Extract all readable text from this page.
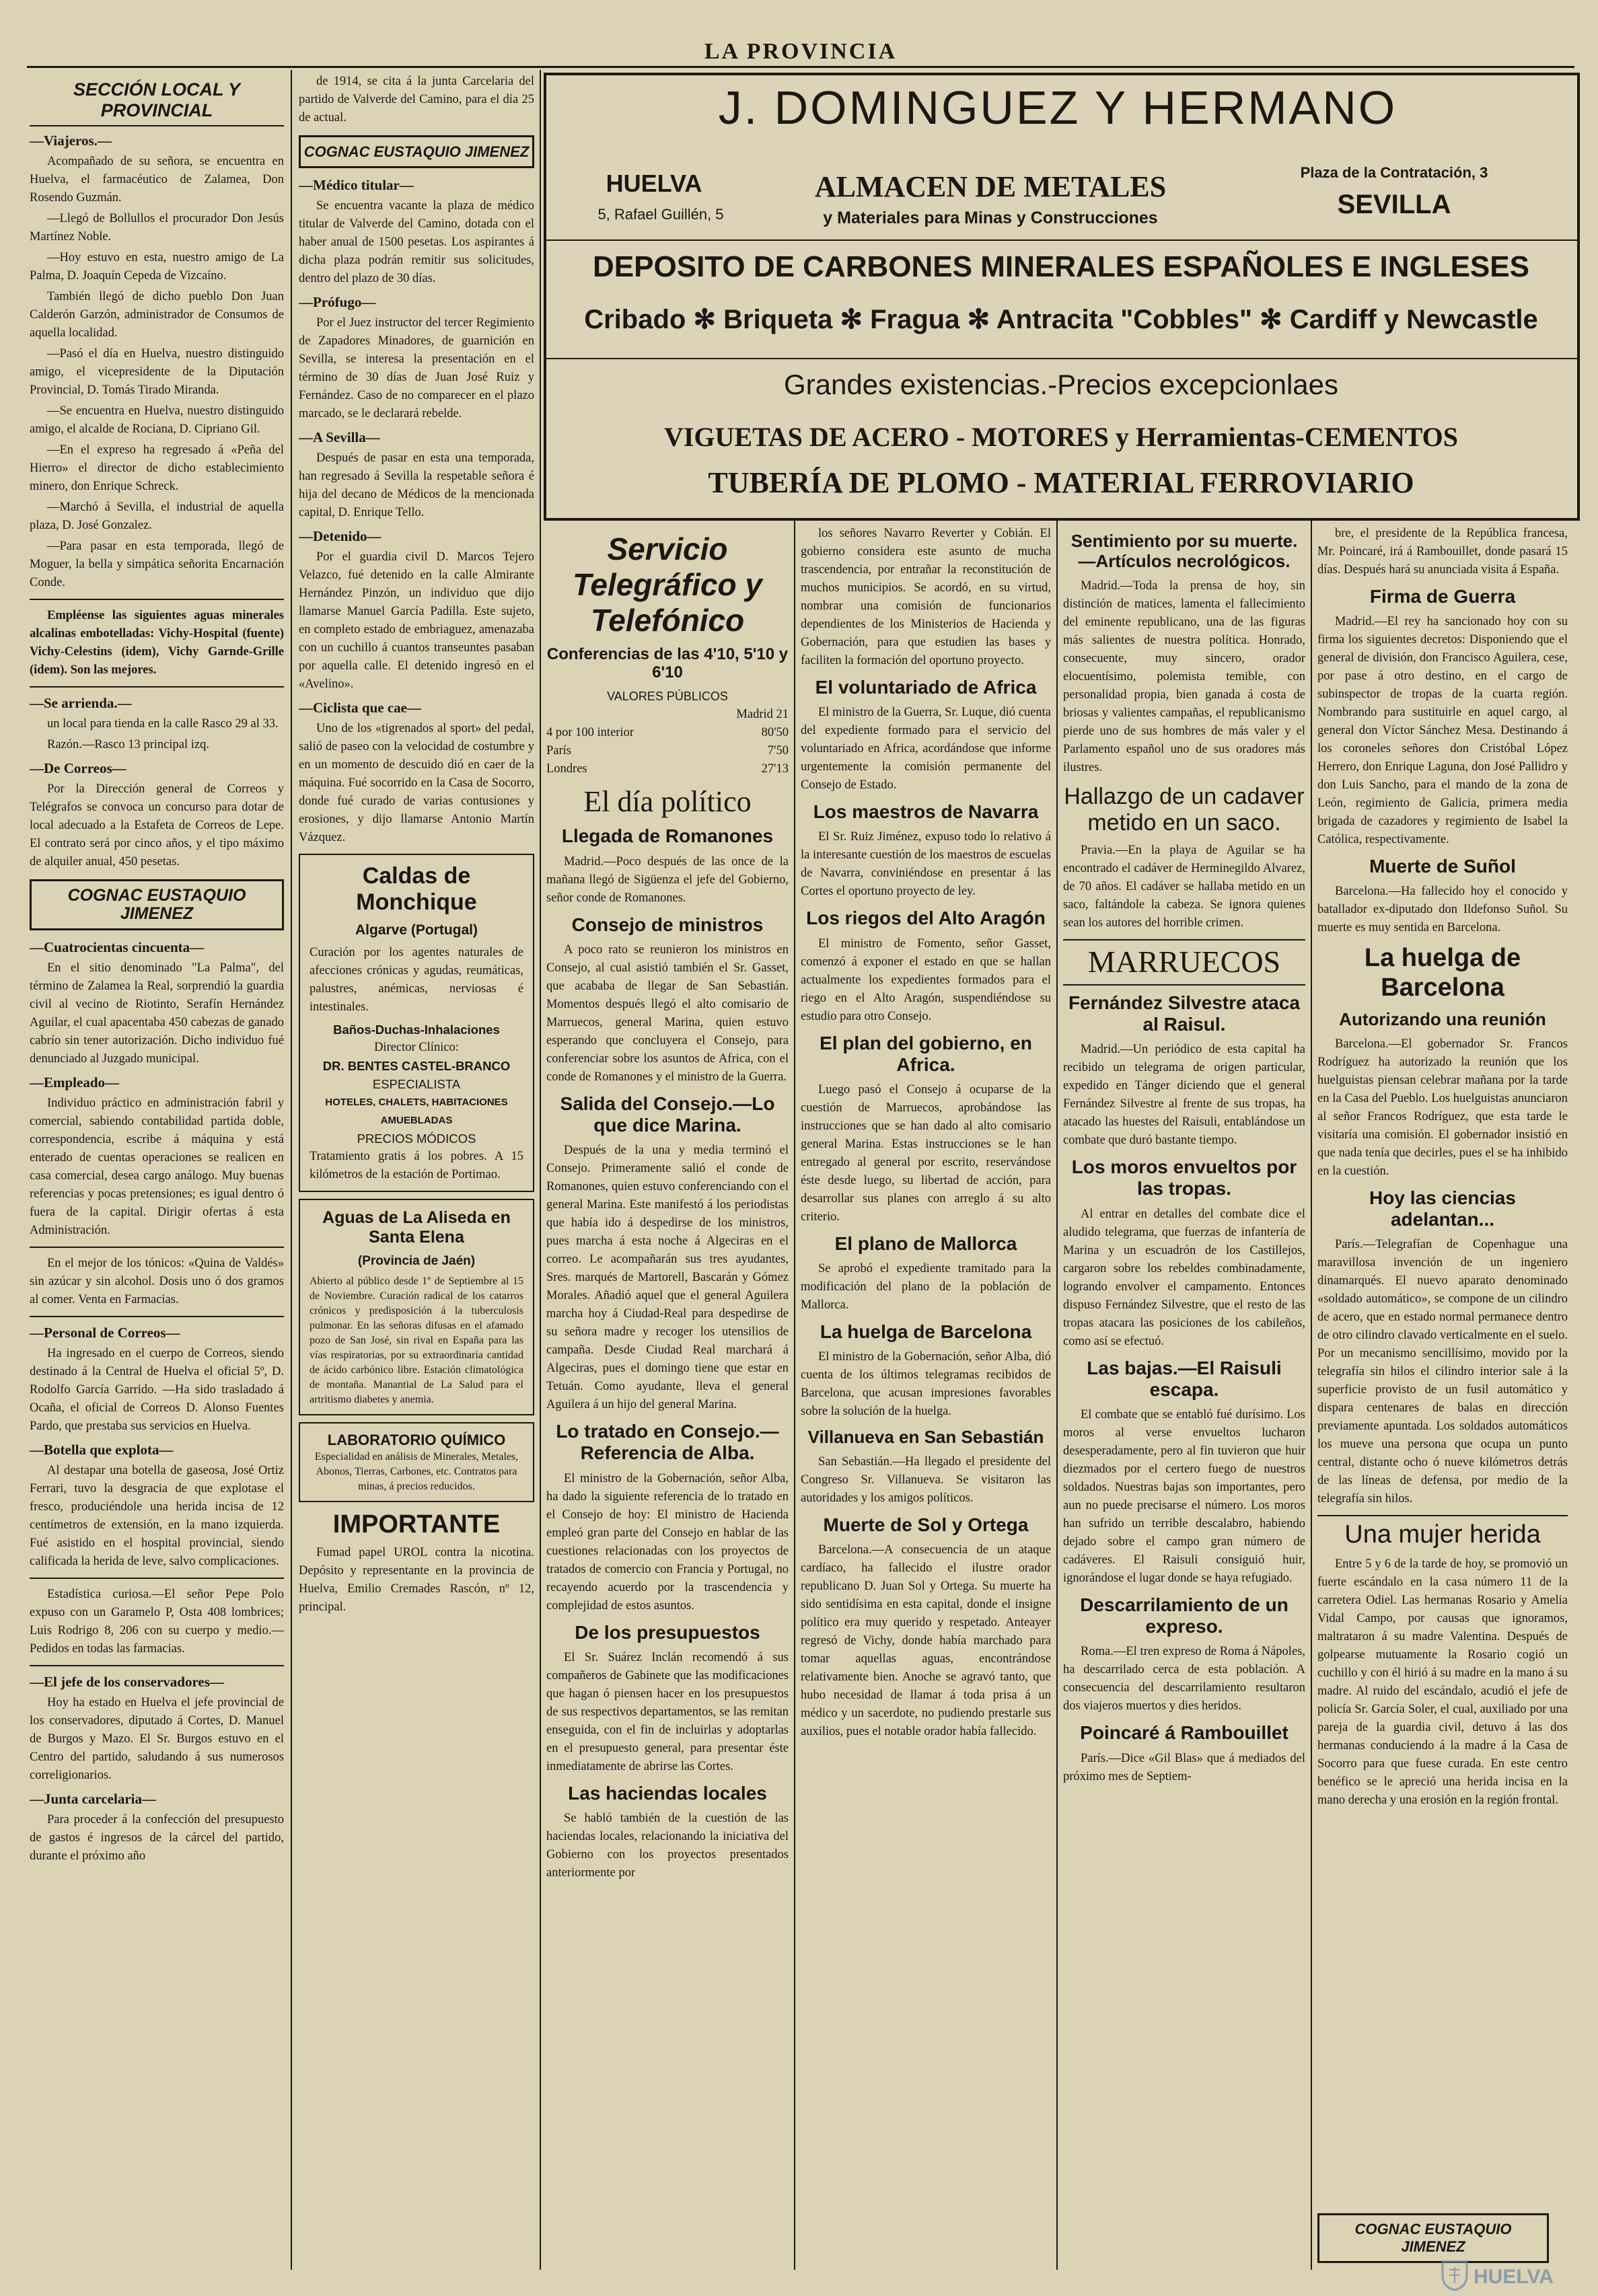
LA PROVINCIA
SECCIÓN LOCAL Y PROVINCIAL
—Viajeros.—

Acompañado de su señora, se encuentra en Huelva, el farmacéutico de Zalamea, Don Rosendo Guzmán.

—Llegó de Bollullos el procurador Don Jesús Martínez Noble.

—Hoy estuvo en esta, nuestro amigo de La Palma, D. Joaquín Cepeda de Vizcaíno.

También llegó de dicho pueblo Don Juan Calderón Garzón, administrador de Consumos de aquella localidad.

—Pasó el día en Huelva, nuestro distinguido amigo, el vicepresidente de la Diputación Provincial, D. Tomás Tirado Miranda.

—Se encuentra en Huelva, nuestro distinguido amigo, el alcalde de Rociana, D. Cipriano Gil.

—En el expreso ha regresado á «Peña del Hierro» el director de dicho establecimiento minero, don Enrique Schreck.

—Marchó á Sevilla, el industrial de aquella plaza, D. José Gonzalez.

—Para pasar en esta temporada, llegó de Moguer, la bella y simpática señorita Encarnación Conde.

Empléense las siguientes aguas minerales alcalinas embotelladas: Vichy-Hospital (fuente) Vichy-Celestins (idem), Vichy Garnde-Grille (idem). Son las mejores.

—Se arrienda.—

un local para tienda en la calle Rasco 29 al 33.

Razón.—Rasco 13 principal izq.

—De Correos—

Por la Dirección general de Correos y Telégrafos se convoca un concurso para dotar de local adecuado a la Estafeta de Correos de Lepe. El contrato será por cinco años, y el tipo máximo de alquiler anual, 450 pesetas.

COGNAC EUSTAQUIO JIMENEZ
—Cuatrocientas cincuenta—

En el sitio denominado "La Palma", del término de Zalamea la Real, sorprendió la guardia civil al vecino de Riotinto, Serafín Hernández Aguilar, el cual apacentaba 450 cabezas de ganado cabrío sin tener autorización. Dicho individuo fué denunciado al Juzgado municipal.

—Empleado—

Individuo práctico en administración fabril y comercial, sabiendo contabilidad partida doble, correspondencia, escribe á máquina y está enterado de cuentas operaciones se realicen en casa comercial, desea cargo análogo. Muy buenas referencias y pocas pretensiones; es igual dentro ó fuera de la capital. Dirigir ofertas á esta Administración.

En el mejor de los tónicos: «Quina de Valdés» sin azúcar y sin alcohol. Dosis uno ó dos gramos al comer. Venta en Farmacias.

—Personal de Correos—

Ha ingresado en el cuerpo de Correos, siendo destinado á la Central de Huelva el oficial 5º, D. Rodolfo García Garrido. —Ha sido trasladado á Ocaña, el oficial de Correos D. Alonso Fuentes Pardo, que prestaba sus servicios en Huelva.

—Botella que explota—

Al destapar una botella de gaseosa, José Ortiz Ferrari, tuvo la desgracia de que explotase el fresco, produciéndole una herida incisa de 12 centímetros de extensión, en la mano izquierda. Fué asistido en el hospital provincial, siendo calificada la herida de leve, salvo complicaciones.

Estadística curiosa.—El señor Pepe Polo expuso con un Garamelo P, Osta 408 lombrices; Luis Rodrigo 8, 206 con su cuerpo y medio.—Pedidos en todas las farmacias.

—El jefe de los conservadores—

Hoy ha estado en Huelva el jefe provincial de los conservadores, diputado á Cortes, D. Manuel de Burgos y Mazo. El Sr. Burgos estuvo en el Centro del partido, saludando á sus numerosos correligionarios.

—Junta carcelaria—

Para proceder á la confección del presupuesto de gastos é ingresos de la cárcel del partido, durante el próximo año

de 1914, se cita á la junta Carcelaria del partido de Valverde del Camino, para el día 25 de actual.

COGNAC EUSTAQUIO JIMENEZ
—Médico titular—

Se encuentra vacante la plaza de médico titular de Valverde del Camino, dotada con el haber anual de 1500 pesetas. Los aspirantes á dicha plaza podrán remitir sus solicitudes, dentro del plazo de 30 días.

—Prófugo—

Por el Juez instructor del tercer Regimiento de Zapadores Minadores, de guarnición en Sevilla, se interesa la presentación en el término de 30 días de Juan José Ruiz y Fernández. Caso de no comparecer en el plazo marcado, se le declarará rebelde.

—A Sevilla—

Después de pasar en esta una temporada, han regresado á Sevilla la respetable señora é hija del decano de Médicos de la mencionada capital, D. Enrique Tello.

—Detenido—

Por el guardia civil D. Marcos Tejero Velazco, fué detenido en la calle Almirante Hernández Pinzón, un individuo que dijo llamarse Manuel García Padilla. Este sujeto, en completo estado de embriaguez, amenazaba con un cuchillo á cuantos transeuntes pasaban por aquella calle. El detenido ingresó en el «Avelino».

—Ciclista que cae—

Uno de los «tigrenados al sport» del pedal, salió de paseo con la velocidad de costumbre y en un momento de descuido dió en caer de la máquina. Fué socorrido en la Casa de Socorro, donde fué curado de varias contusiones y erosiones, y dijo llamarse Antonio Martín Vázquez.

Caldas de Monchique
Algarve (Portugal)
Curación por los agentes naturales de afecciones crónicas y agudas, reumáticas, palustres, anémicas, nerviosas é intestinales.
Baños-Duchas-Inhalaciones
Director Clínico:
DR. BENTES CASTEL-BRANCO
ESPECIALISTA
HOTELES, CHALETS, HABITACIONES AMUEBLADAS
PRECIOS MÓDICOS
Tratamiento gratis á los pobres. A 15 kilómetros de la estación de Portimao.
Aguas de La Aliseda en Santa Elena
(Provincia de Jaén)
Abierto al público desde 1º de Septiembre al 15 de Noviembre. Curación radical de los catarros crónicos y predisposición á la tuberculosis pulmonar. En las señoras difusas en el afamado pozo de San José, sin rival en España para las vías respiratorias, por su extraordinaria cantidad de ácido carbónico libre. Estación climatológica de montaña. Manantial de La Salud para el artritismo diabetes y anemia.
LABORATORIO QUÍMICO
Especialidad en análisis de Minerales, Metales, Abonos, Tierras, Carbones, etc. Contratos para minas, á precios reducidos.
IMPORTANTE

Fumad papel UROL contra la nicotina. Depósito y representante en la provincia de Huelva, Emilio Cremades Rascón, nº 12, principal.

J. DOMINGUEZ Y HERMANO
HUELVA
5, Rafael Guillén, 5
ALMACEN DE METALES
y Materiales para Minas y Construcciones
Plaza de la Contratación, 3
SEVILLA
DEPOSITO DE CARBONES MINERALES ESPAÑOLES E INGLESES
Cribado ✻ Briqueta ✻ Fragua ✻ Antracita "Cobbles" ✻ Cardiff y Newcastle
Grandes existencias.-Precios excepcionlaes
VIGUETAS DE ACERO - MOTORES y Herramientas-CEMENTOS
TUBERÍA DE PLOMO - MATERIAL FERROVIARIO
Servicio Telegráfico y Telefónico
Conferencias de las 4'10, 5'10 y 6'10
VALORES PÚBLICOS
Madrid 21
4 por 100 interior	80'50
París	7'50
Londres	27'13
El día político
Llegada de Romanones

Madrid.—Poco después de las once de la mañana llegó de Sigüenza el jefe del Gobierno, señor conde de Romanones.

Consejo de ministros

A poco rato se reunieron los ministros en Consejo, al cual asistió también el Sr. Gasset, que acababa de llegar de San Sebastián. Momentos después llegó el alto comisario de Marruecos, general Marina, quien estuvo esperando que concluyera el Consejo, para conferenciar sobre los asuntos de Africa, con el conde de Romanones y el ministro de la Guerra.

Salida del Consejo.—Lo que dice Marina.

Después de la una y media terminó el Consejo. Primeramente salió el conde de Romanones, quien estuvo conferenciando con el general Marina. Este manifestó á los periodistas que había ido á despedirse de los ministros, pues marcha á esta noche á Algeciras en el correo. Le acompañarán sus tres ayudantes, Sres. marqués de Martorell, Bascarán y Gómez Morales. Añadió aquel que el general Aguilera marcha hoy á Ciudad-Real para despedirse de su señora madre y recoger los utensilios de campaña. Desde Ciudad Real marchará á Algeciras, pues el domingo tiene que estar en Tetuán. Como ayudante, lleva el general Aguilera á un hijo del general Marina.

Lo tratado en Consejo.—Referencia de Alba.

El ministro de la Gobernación, señor Alba, ha dado la siguiente referencia de lo tratado en el Consejo de hoy: El ministro de Hacienda empleó gran parte del Consejo en hablar de las cuestiones relacionadas con los proyectos de tratados de comercio con Francia y Portugal, no recayendo acuerdo por la trascendencia y complejidad de estos asuntos.

De los presupuestos

El Sr. Suárez Inclán recomendó á sus compañeros de Gabinete que las modificaciones que hagan ó piensen hacer en los presupuestos de sus respectivos departamentos, se las remitan enseguida, con el fin de incluirlas y adoptarlas en el presupuesto general, para presentar éste inmediatamente de abrirse las Cortes.

Las haciendas locales

Se habló también de la cuestión de las haciendas locales, relacionando la iniciativa del Gobierno con los proyectos presentados anteriormente por

los señores Navarro Reverter y Cobián. El gobierno considera este asunto de mucha trascendencia, por entrañar la reconstitución de muchos municipios. Se acordó, en su virtud, nombrar una comisión de funcionarios dependientes de los Ministerios de Hacienda y Gobernación, para que estudien las bases y faciliten la formación del oportuno proyecto.

El voluntariado de Africa

El ministro de la Guerra, Sr. Luque, dió cuenta del expediente formado para el servicio del voluntariado en Africa, acordándose que informe urgentemente la comisión permanente del Consejo de Estado.

Los maestros de Navarra

El Sr. Ruiz Jiménez, expuso todo lo relativo á la interesante cuestión de los maestros de escuelas de Navarra, conviniéndose en presentar á las Cortes el oportuno proyecto de ley.

Los riegos del Alto Aragón

El ministro de Fomento, señor Gasset, comenzó á exponer el estado en que se hallan actualmente los expedientes formados para el riego en el Alto Aragón, suspendiéndose su estudio para otro Consejo.

El plan del gobierno, en Africa.

Luego pasó el Consejo á ocuparse de la cuestión de Marruecos, aprobándose las instrucciones que se han dado al alto comisario general Marina. Estas instrucciones se le han entregado al general por escrito, reservándose éste desde luego, su libertad de acción, para desarrollar sus planes con arreglo á su alto criterio.

El plano de Mallorca

Se aprobó el expediente tramitado para la modificación del plano de la población de Mallorca.

La huelga de Barcelona

El ministro de la Gobernación, señor Alba, dió cuenta de los últimos telegramas recibidos de Barcelona, que acusan impresiones favorables sobre la solución de la huelga.

Villanueva en San Sebastián

San Sebastián.—Ha llegado el presidente del Congreso Sr. Villanueva. Se visitaron las autoridades y los amigos políticos.

Muerte de Sol y Ortega

Barcelona.—A consecuencia de un ataque cardíaco, ha fallecido el ilustre orador republicano D. Juan Sol y Ortega. Su muerte ha sido sentidísima en esta capital, donde el insigne político era muy querido y respetado. Anteayer regresó de Vichy, donde había marchado para tomar aquellas aguas, encontrándose relativamente bien. Anoche se agravó tanto, que hubo necesidad de llamar á toda prisa á un médico y un sacerdote, no pudiendo prestarle sus auxilios, pues el notable orador había fallecido.

Sentimiento por su muerte.—Artículos necrológicos.

Madrid.—Toda la prensa de hoy, sin distinción de matices, lamenta el fallecimiento del eminente republicano, una de las figuras más salientes de nuestra política. Honrado, consecuente, muy sincero, orador elocuentísimo, polemista temible, con personalidad propia, bien ganada á costa de briosas y valientes campañas, el republicanismo pierde uno de sus hombres de más valer y el Parlamento español uno de sus oradores más ilustres.

Hallazgo de un cadaver metido en un saco.

Pravia.—En la playa de Aguilar se ha encontrado el cadáver de Herminegildo Alvarez, de 70 años. El cadáver se hallaba metido en un saco, faltándole la cabeza. Se ignora quienes sean los autores del horrible crimen.

MARRUECOS
Fernández Silvestre ataca al Raisul.

Madrid.—Un periódico de esta capital ha recibido un telegrama de origen particular, expedido en Tánger diciendo que el general Fernández Silvestre al frente de sus tropas, ha atacado las huestes del Raisuli, entablándose un combate que duró bastante tiempo.

Los moros envueltos por las tropas.

Al entrar en detalles del combate dice el aludido telegrama, que fuerzas de infantería de Marina y un escuadrón de los Castillejos, cargaron sobre los rebeldes combinadamente, logrando envolver el campamento. Entonces dispuso Fernández Silvestre, que el resto de las tropas atacara las posiciones de los cabileños, como así se efectuó.

Las bajas.—El Raisuli escapa.

El combate que se entabló fué durísimo. Los moros al verse envueltos lucharon desesperadamente, pero al fin tuvieron que huir diezmados por el certero fuego de nuestros soldados. Nuestras bajas son importantes, pero aun no puede precisarse el número. Los moros han sufrido un terrible descalabro, habiendo dejado sobre el campo gran número de cadáveres. El Raisuli consiguió huir, ignorándose el lugar donde se haya refugiado.

Descarrilamiento de un expreso.

Roma.—El tren expreso de Roma á Nápoles, ha descarrilado cerca de esta población. A consecuencia del descarrilamiento resultaron dos viajeros muertos y dies heridos.

Poincaré á Rambouillet

París.—Dice «Gil Blas» que á mediados del próximo mes de Septiem-

bre, el presidente de la República francesa, Mr. Poincaré, irá á Rambouillet, donde pasará 15 días. Después hará su anunciada visita á España.

Firma de Guerra

Madrid.—El rey ha sancionado hoy con su firma los siguientes decretos: Disponiendo que el general de división, don Francisco Aguilera, cese, por pase á otro destino, en el cargo de subinspector de tropas de la cuarta región. Nombrando para sustituirle en aquel cargo, al general don Víctor Sánchez Mesa. Destinando á los coroneles señores don Cristóbal López Herrero, don Enrique Laguna, don José Pallidro y don Luis Sancho, para el mando de la zona de León, regimiento de Galicia, primera media brigada de cazadores y regimiento de Isabel la Católica, respectivamente.

Muerte de Suñol

Barcelona.—Ha fallecido hoy el conocido y batallador ex-diputado don Ildefonso Suñol. Su muerte es muy sentida en Barcelona.

La huelga de Barcelona
Autorizando una reunión

Barcelona.—El gobernador Sr. Francos Rodríguez ha autorizado la reunión que los huelguistas piensan celebrar mañana por la tarde en la Casa del Pueblo. Los huelguistas anunciaron al señor Francos Rodríguez, que esta tarde le visitaría una comisión. El gobernador insistió en que nada tenía que decirles, pues el se ha inhibido en la cuestión.

Hoy las ciencias adelantan...

París.—Telegrafían de Copenhague una maravillosa invención de un ingeniero dinamarqués. El nuevo aparato denominado «soldado automático», se compone de un cilindro de acero, que en estado normal permanece dentro de otro cilindro clavado verticalmente en el suelo. Por un mecanismo sencillísimo, movido por la telegrafía sin hilos el cilindro interior sale á la superficie provisto de un fusil automático y dispara centenares de balas en dirección previamente apuntada. Los soldados automáticos los mueve una persona que ocupa un punto central, distante ocho ó nueve kilómetros detrás de las líneas de defensa, por medio de la telegrafía sin hilos.

Una mujer herida

Entre 5 y 6 de la tarde de hoy, se promovió un fuerte escándalo en la casa número 11 de la carretera Odiel. Las hermanas Rosario y Amelia Vidal Campo, por causas que ignoramos, maltrataron á su madre Valentina. Después de golpearse mutuamente la Rosario cogió un cuchillo y con él hirió á su madre en la mano á su madre. Al ruido del escándalo, acudió el jefe de policía Sr. García Soler, el cual, auxiliado por una pareja de la guardia civil, detuvo á las dos hermanas conduciendo á la madre á la Casa de Socorro para que fuese curada. En este centro benéfico se le apreció una herida incisa en la mano derecha y una erosión en la región frontal.

COGNAC EUSTAQUIO JIMENEZ
HUELVA
